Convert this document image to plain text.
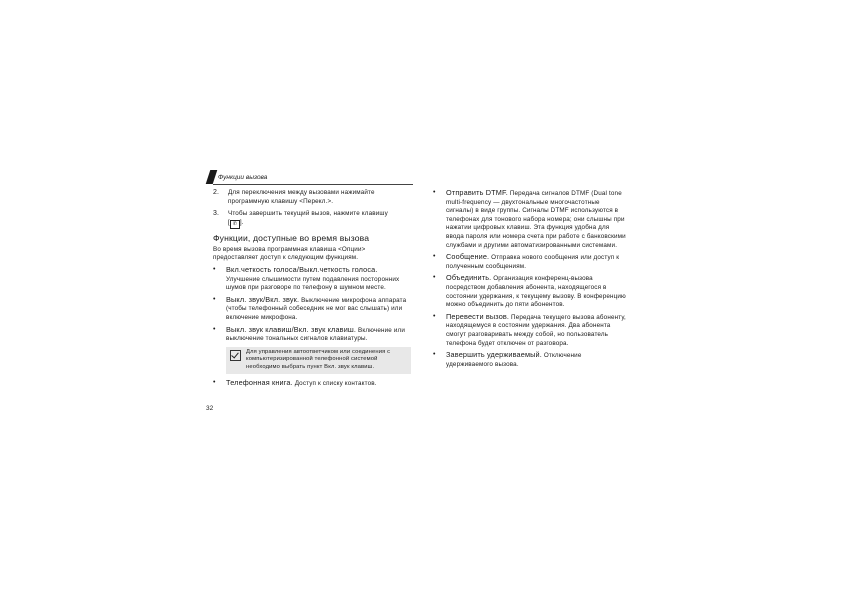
Функции вызова
2.	Для переключения между вызовами нажимайте программную клавишу <Перекл.>.
3.	Чтобы завершить текущий вызов, нажмите клавишу
[ ✆ ].
Функции, доступные во время вызова
Во время вызова программная клавиша <Опции> предоставляет доступ к следующим функциям.
•	Вкл.четкость голоса/Выкл.четкость голоса. Улучшение слышимости путем подавления посторонних шумов при разговоре по телефону в шумном месте.
•	Выкл. звук/Вкл. звук. Выключение микрофона аппарата (чтобы телефонный собеседник не мог вас слышать) или включение микрофона.
•	Выкл. звук клавиш/Вкл. звук клавиш. Включение или выключение тональных сигналов клавиатуры.
Для управления автоответчиком или соединения с компьютеризированной телефонной системой необходимо выбрать пункт Вкл. звук клавиш.
•	Телефонная книга. Доступ к списку контактов.
•	Отправить DTMF. Передача сигналов DTMF (Dual tone multi-frequency — двухтональные многочастотные сигналы) в виде группы. Сигналы DTMF используются в телефонах для тонового набора номера; они слышны при нажатии цифровых клавиш. Эта функция удобна для ввода пароля или номера счета при работе с банковскими службами и другими автоматизированными системами.
•	Сообщение. Отправка нового сообщения или доступ к полученным сообщениям.
•	Объединить. Организация конференц-вызова посредством добавления абонента, находящегося в состоянии удержания, к текущему вызову. В конференцию можно объединить до пяти абонентов.
•	Перевести вызов. Передача текущего вызова абоненту, находящемуся в состоянии удержания. Два абонента смогут разговаривать между собой, но пользователь телефона будет отключен от разговора.
•	Завершить удерживаемый. Отключение удерживаемого вызова.
32
